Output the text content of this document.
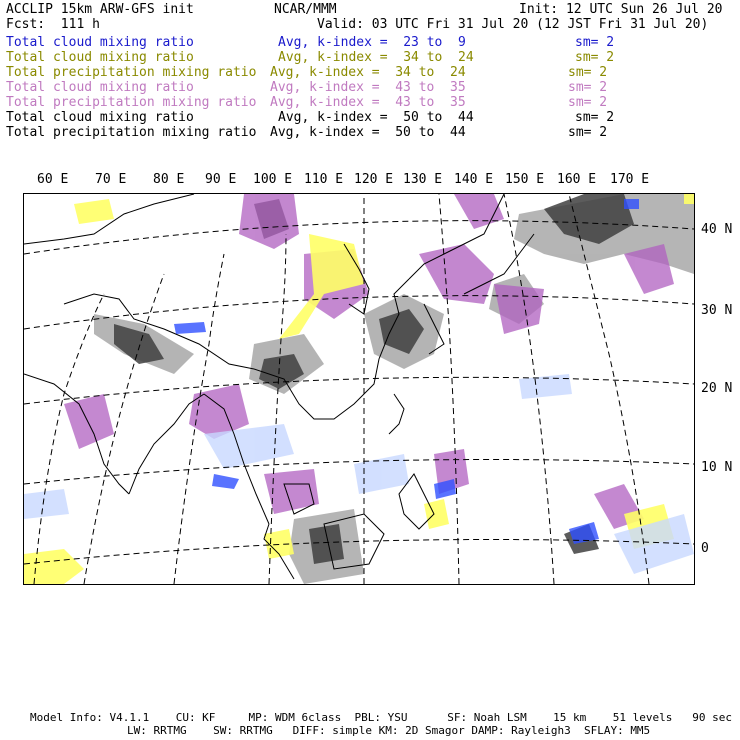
ACCLIP 15km ARW-GFS init	NCAR/MMM	Init: 12 UTC Sun 26 Jul 20
Fcst:  111 h	Valid: 03 UTC Fri 31 Jul 20 (12 JST Fri 31 Jul 20)
Total cloud mixing ratio	Avg, k-index =  23 to  9	sm= 2
Total cloud mixing ratio	Avg, k-index =  34 to  24	sm= 2
Total precipitation mixing ratio Avg, k-index =  34 to  24	sm= 2
Total cloud mixing ratio	Avg, k-index =  43 to  35	sm= 2
Total precipitation mixing ratio Avg, k-index =  43 to  35	sm= 2
Total cloud mixing ratio	Avg, k-index =  50 to  44	sm= 2
Total precipitation mixing ratio Avg, k-index =  50 to  44	sm= 2
60 E 70 E 80 E 90 E 100 E 110 E 120 E 130 E 140 E 150 E 160 E 170 E
40 N
30 N
20 N
10 N
0
Model Info: V4.1.1    CU: KF     MP: WDM 6class  PBL: YSU      SF: Noah LSM    15 km    51 levels   90 sec
LW: RRTMG    SW: RRTMG   DIFF: simple KM: 2D Smagor DAMP: Rayleigh3  SFLAY: MM5
